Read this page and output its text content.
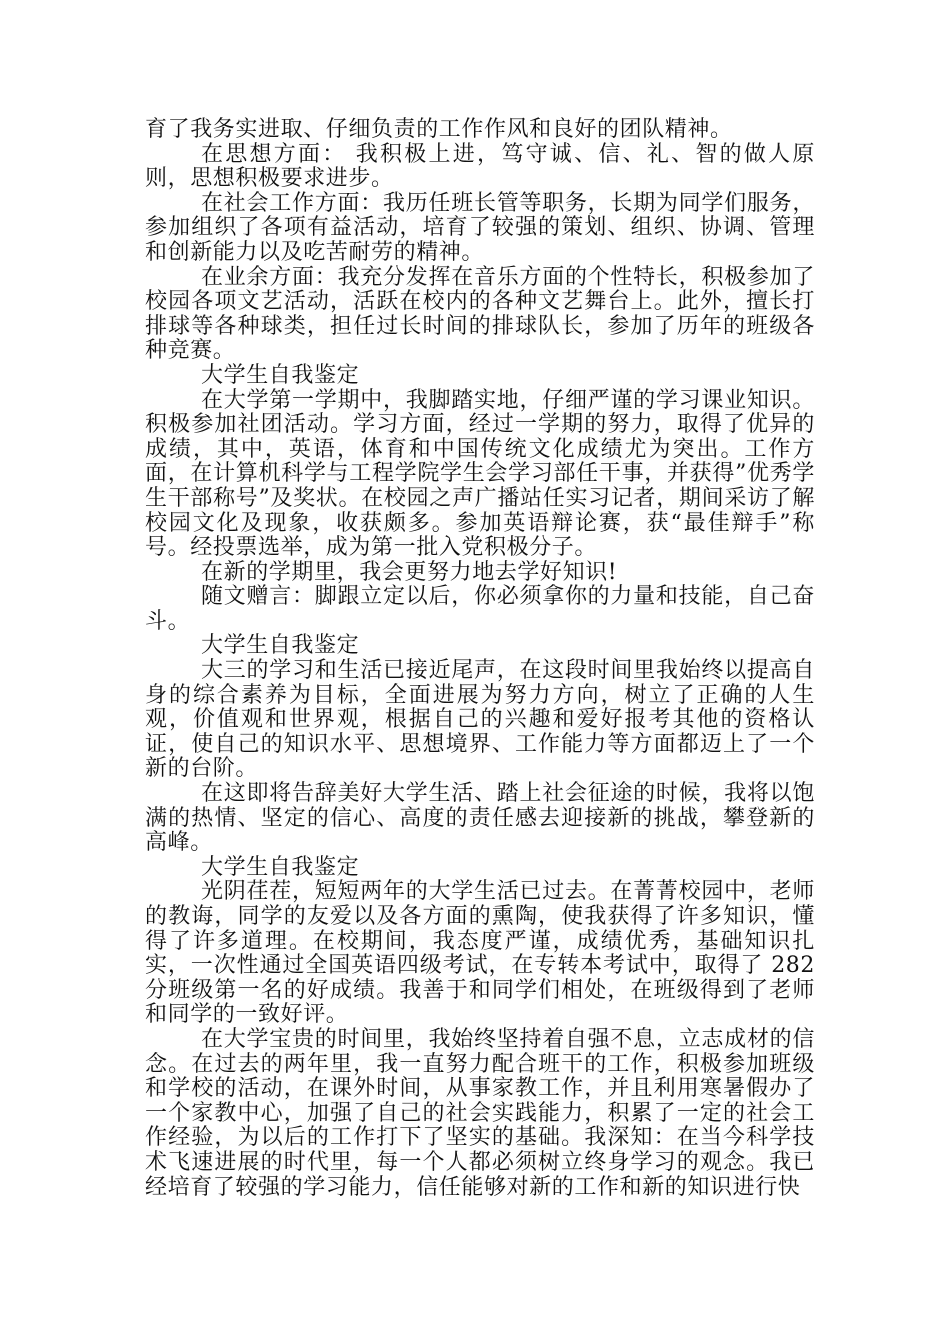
育了我务实进取、仔细负责的工作作风和良好的团队精神。

在思想方面： 我积极上进，笃守诚、信、礼、智的做人原则，思想积极要求进步。

在社会工作方面：我历任班长管等职务，长期为同学们服务，参加组织了各项有益活动，培育了较强的策划、组织、协调、管理和创新能力以及吃苦耐劳的精神。

在业余方面：我充分发挥在音乐方面的个性特长，积极参加了校园各项文艺活动，活跃在校内的各种文艺舞台上。此外，擅长打排球等各种球类，担任过长时间的排球队长，参加了历年的班级各种竞赛。

大学生自我鉴定

在大学第一学期中，我脚踏实地，仔细严谨的学习课业知识。积极参加社团活动。学习方面，经过一学期的努力，取得了优异的成绩，其中，英语，体育和中国传统文化成绩尤为突出。工作方面，在计算机科学与工程学院学生会学习部任干事，并获得”优秀学生干部称号”及奖状。在校园之声广播站任实习记者，期间采访了解校园文化及现象，收获颇多。参加英语辩论赛，获“最佳辩手”称号。经投票选举，成为第一批入党积极分子。

在新的学期里，我会更努力地去学好知识!

随文赠言：脚跟立定以后，你必须拿你的力量和技能，自己奋斗。

大学生自我鉴定

大三的学习和生活已接近尾声，在这段时间里我始终以提高自身的综合素养为目标，全面进展为努力方向，树立了正确的人生观，价值观和世界观，根据自己的兴趣和爱好报考其他的资格认证，使自己的知识水平、思想境界、工作能力等方面都迈上了一个新的台阶。

在这即将告辞美好大学生活、踏上社会征途的时候，我将以饱满的热情、坚定的信心、高度的责任感去迎接新的挑战，攀登新的高峰。

大学生自我鉴定

光阴荏茬，短短两年的大学生活已过去。在菁菁校园中，老师的教诲，同学的友爱以及各方面的熏陶，使我获得了许多知识，懂得了许多道理。在校期间，我态度严谨，成绩优秀，基础知识扎实，一次性通过全国英语四级考试，在专转本考试中，取得了 282 分班级第一名的好成绩。我善于和同学们相处，在班级得到了老师和同学的一致好评。

在大学宝贵的时间里，我始终坚持着自强不息，立志成材的信念。在过去的两年里，我一直努力配合班干的工作，积极参加班级和学校的活动，在课外时间，从事家教工作，并且利用寒暑假办了一个家教中心，加强了自己的社会实践能力，积累了一定的社会工作经验，为以后的工作打下了坚实的基础。我深知：在当今科学技术飞速进展的时代里，每一个人都必须树立终身学习的观念。我已经培育了较强的学习能力，信任能够对新的工作和新的知识进行快
